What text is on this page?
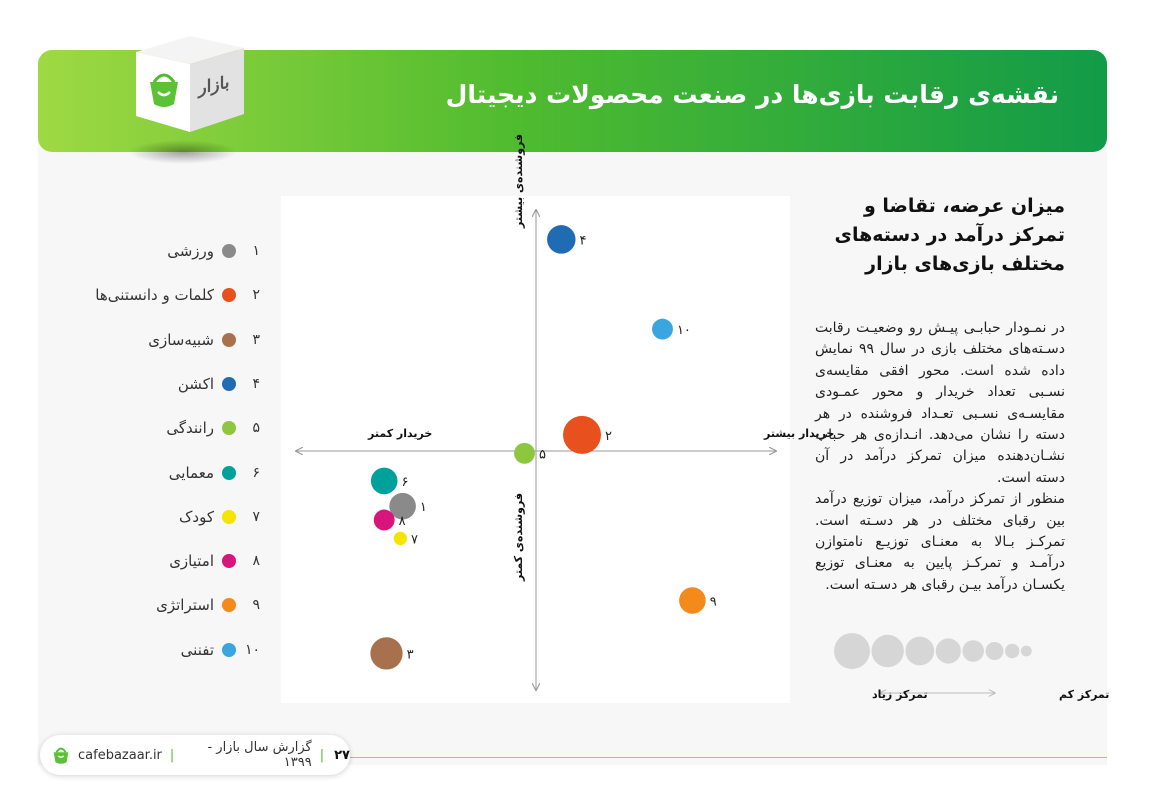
نقشه‌ی رقابت بازی‌ها در صنعت محصولات دیجیتال
بازار
۱
ورزشی
۲
کلمات و دانستنی‌ها
۳
شبیه‌سازی
۴
اکشن
۵
رانندگی
۶
معمایی
۷
کودک
۸
امتیازی
۹
استراتژی
۱۰
تفننی
خریدار بیشتر
خریدار کمتر
فروشنده‌ی بیشتر
فروشنده‌ی کمتر
۱
۲
۳
۴
۵
۶
۷
۸
۹
۱۰
میزان عرضه، تقاضا و تمرکز درآمد در دسته‌های مختلف بازی‌های بازار
در نمـودار حبابـی پیـش رو وضعیـت رقابت دسـته‌های مختلف بازی در سال ۹۹ نمایش داده شده است. محور افقی مقایسه‌ی نسـبی تعداد خریدار و محور عمـودی مقایسـه‌ی نسـبی تعـداد فروشنده در هر دسته را نشان می‌دهد. انـدازه‌ی هر حباب نشـان‌دهنده میزان تمرکز درآمد در آن دسته است.
منظور از تمرکز درآمد، میزان توزیع درآمد بین رقبای مختلف در هر دسـته است. تمرکـز بـالا به معنـای توزیـع نامتوازن درآمـد و تمرکـز پایین به معنـای توزیع یکسـان درآمد بیـن رقبای هر دسـته است.
تمرکز کم
تمرکز زیاد
cafebazaar.ir |	گزارش سال بازار - ۱۳۹۹ | ۲۷
